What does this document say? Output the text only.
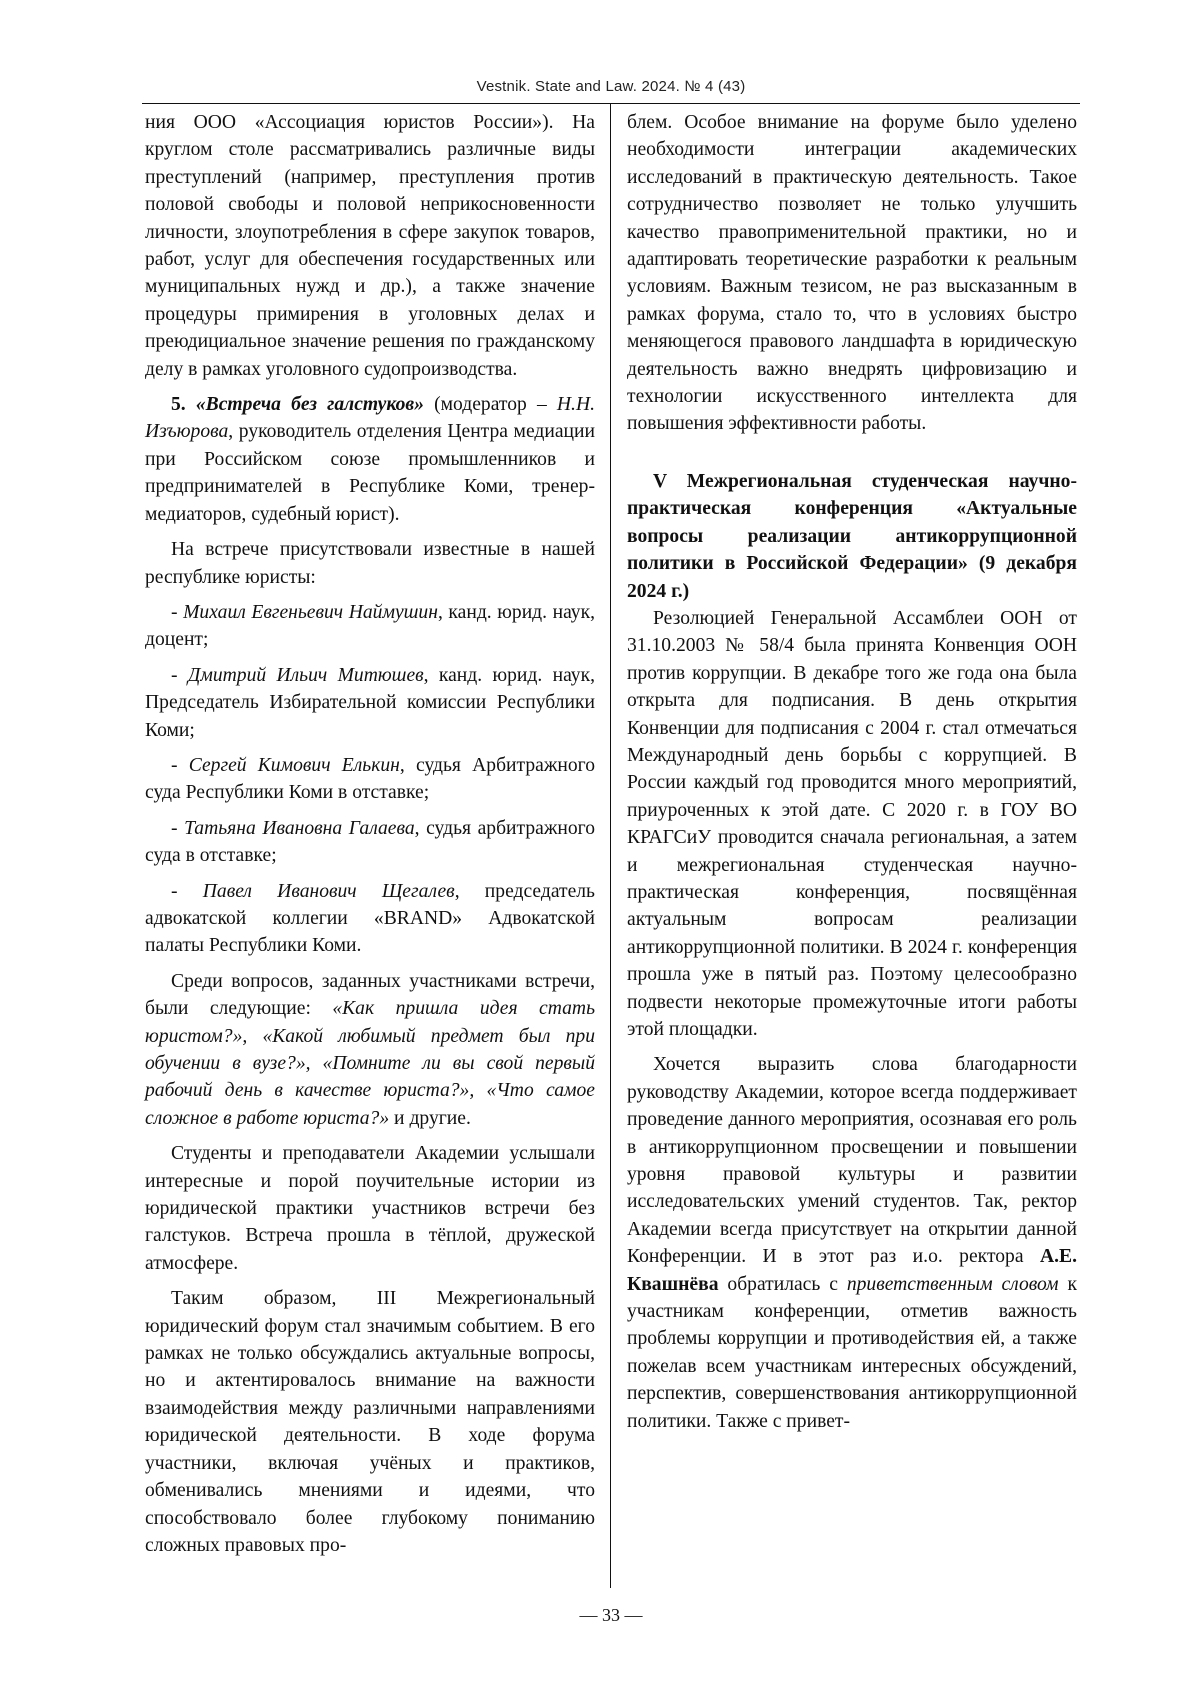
Vestnik. State and Law. 2024. № 4 (43)

ния ООО «Ассоциация юристов России»). На круглом столе рассматривались различные виды преступлений (например, преступления против половой свободы и половой неприкосновенности личности, злоупотребления в сфере закупок товаров, работ, услуг для обеспечения государственных или муниципальных нужд и др.), а также значение процедуры примирения в уголовных делах и преюдициальное значение решения по гражданскому делу в рамках уголовного судопроизводства.

5. «Встреча без галстуков» (модератор – Н.Н. Изъюрова, руководитель отделения Центра медиации при Российском союзе промышленников и предпринимателей в Республике Коми, тренер-медиаторов, судебный юрист).

На встрече присутствовали известные в нашей республике юристы:

- Михаил Евгеньевич Наймушин, канд. юрид. наук, доцент;

- Дмитрий Ильич Митюшев, канд. юрид. наук, Председатель Избирательной комиссии Республики Коми;

- Сергей Кимович Елькин, судья Арбитражного суда Республики Коми в отставке;

- Татьяна Ивановна Галаева, судья арбитражного суда в отставке;

- Павел Иванович Щегалев, председатель адвокатской коллегии «BRAND» Адвокатской палаты Республики Коми.

Среди вопросов, заданных участниками встречи, были следующие: «Как пришла идея стать юристом?», «Какой любимый предмет был при обучении в вузе?», «Помните ли вы свой первый рабочий день в качестве юриста?», «Что самое сложное в работе юриста?» и другие.

Студенты и преподаватели Академии услышали интересные и порой поучительные истории из юридической практики участников встречи без галстуков. Встреча прошла в тёплой, дружеской атмосфере.

Таким образом, III Межрегиональный юридический форум стал значимым событием. В его рамках не только обсуждались актуальные вопросы, но и актентировалось внимание на важности взаимодействия между различными направлениями юридической деятельности. В ходе форума участники, включая учёных и практиков, обменивались мнениями и идеями, что способствовало более глубокому пониманию сложных правовых про-

блем. Особое внимание на форуме было уделено необходимости интеграции академических исследований в практическую деятельность. Такое сотрудничество позволяет не только улучшить качество правоприменительной практики, но и адаптировать теоретические разработки к реальным условиям. Важным тезисом, не раз высказанным в рамках форума, стало то, что в условиях быстро меняющегося правового ландшафта в юридическую деятельность важно внедрять цифровизацию и технологии искусственного интеллекта для повышения эффективности работы.

V Межрегиональная студенческая научно-практическая конференция «Актуальные вопросы реализации антикоррупционной политики в Российской Федерации» (9 декабря 2024 г.)

Резолюцией Генеральной Ассамблеи ООН от 31.10.2003 № 58/4 была принята Конвенция ООН против коррупции. В декабре того же года она была открыта для подписания. В день открытия Конвенции для подписания с 2004 г. стал отмечаться Международный день борьбы с коррупцией. В России каждый год проводится много мероприятий, приуроченных к этой дате. С 2020 г. в ГОУ ВО КРАГСиУ проводится сначала региональная, а затем и межрегиональная студенческая научно-практическая конференция, посвящённая актуальным вопросам реализации антикоррупционной политики. В 2024 г. конференция прошла уже в пятый раз. Поэтому целесообразно подвести некоторые промежуточные итоги работы этой площадки.

Хочется выразить слова благодарности руководству Академии, которое всегда поддерживает проведение данного мероприятия, осознавая его роль в антикоррупционном просвещении и повышении уровня правовой культуры и развитии исследовательских умений студентов. Так, ректор Академии всегда присутствует на открытии данной Конференции. И в этот раз и.о. ректора А.Е. Квашнёва обратилась с приветственным словом к участникам конференции, отметив важность проблемы коррупции и противодействия ей, а также пожелав всем участникам интересных обсуждений, перспектив, совершенствования антикоррупционной политики. Также с привет-

— 33 —
